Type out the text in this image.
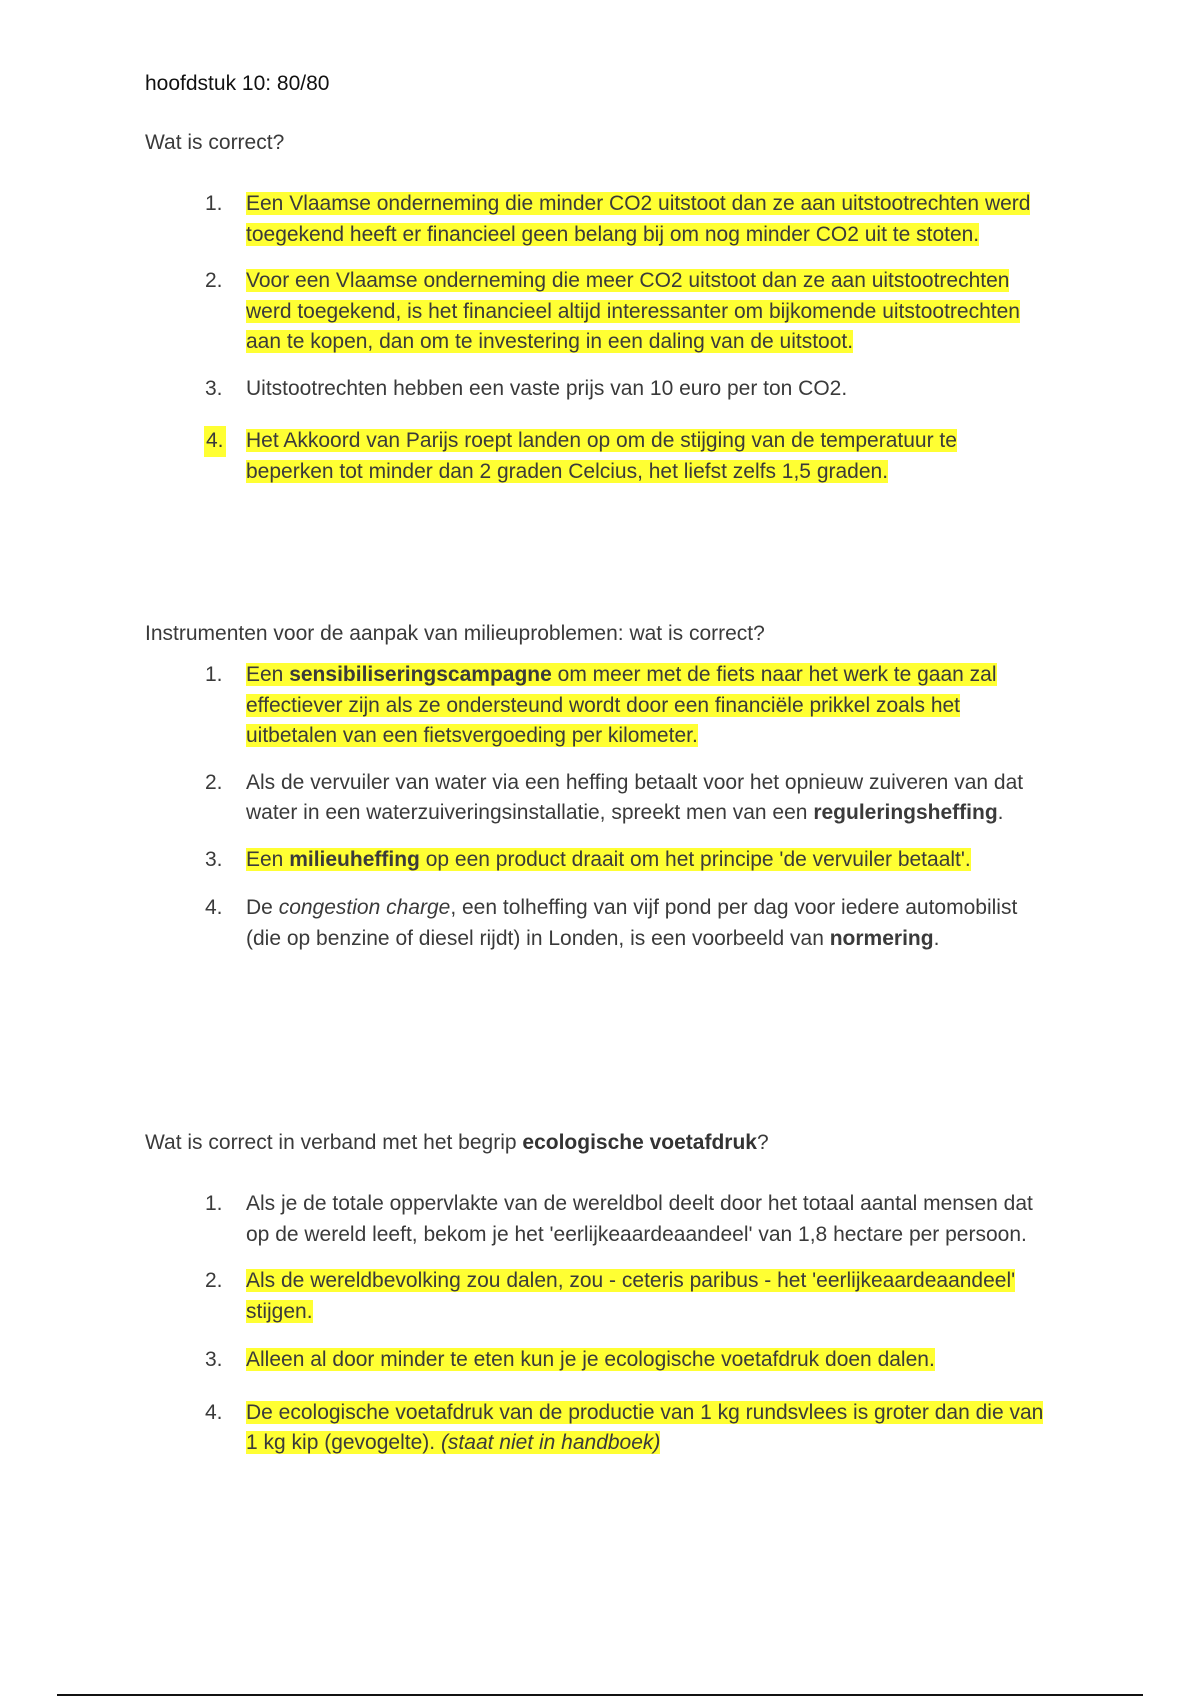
hoofdstuk 10: 80/80

Wat is correct?

1.	Een Vlaamse onderneming die minder CO2 uitstoot dan ze aan uitstootrechten werd toegekend heeft er financieel geen belang bij om nog minder CO2 uit te stoten.
2.	Voor een Vlaamse onderneming die meer CO2 uitstoot dan ze aan uitstootrechten werd toegekend, is het financieel altijd interessanter om bijkomende uitstootrechten aan te kopen, dan om te investering in een daling van de uitstoot.
3.	Uitstootrechten hebben een vaste prijs van 10 euro per ton CO2.
4. Het Akkoord van Parijs roept landen op om de stijging van de temperatuur te beperken tot minder dan 2 graden Celcius, het liefst zelfs 1,5 graden.

Instrumenten voor de aanpak van milieuproblemen: wat is correct?

1.	Een sensibiliseringscampagne om meer met de fiets naar het werk te gaan zal effectiever zijn als ze ondersteund wordt door een financiële prikkel zoals het uitbetalen van een fietsvergoeding per kilometer.
2.	Als de vervuiler van water via een heffing betaalt voor het opnieuw zuiveren van dat water in een waterzuiveringsinstallatie, spreekt men van een reguleringsheffing.
3.	Een milieuheffing op een product draait om het principe 'de vervuiler betaalt'.
4.	De congestion charge, een tolheffing van vijf pond per dag voor iedere automobilist (die op benzine of diesel rijdt) in Londen, is een voorbeeld van normering.

Wat is correct in verband met het begrip ecologische voetafdruk?

1.	Als je de totale oppervlakte van de wereldbol deelt door het totaal aantal mensen dat op de wereld leeft, bekom je het 'eerlijkeaardeaandeel' van 1,8 hectare per persoon.
2.	Als de wereldbevolking zou dalen, zou - ceteris paribus - het 'eerlijkeaardeaandeel' stijgen.
3.	Alleen al door minder te eten kun je je ecologische voetafdruk doen dalen.
4.	De ecologische voetafdruk van de productie van 1 kg rundsvlees is groter dan die van 1 kg kip (gevogelte). (staat niet in handboek)
